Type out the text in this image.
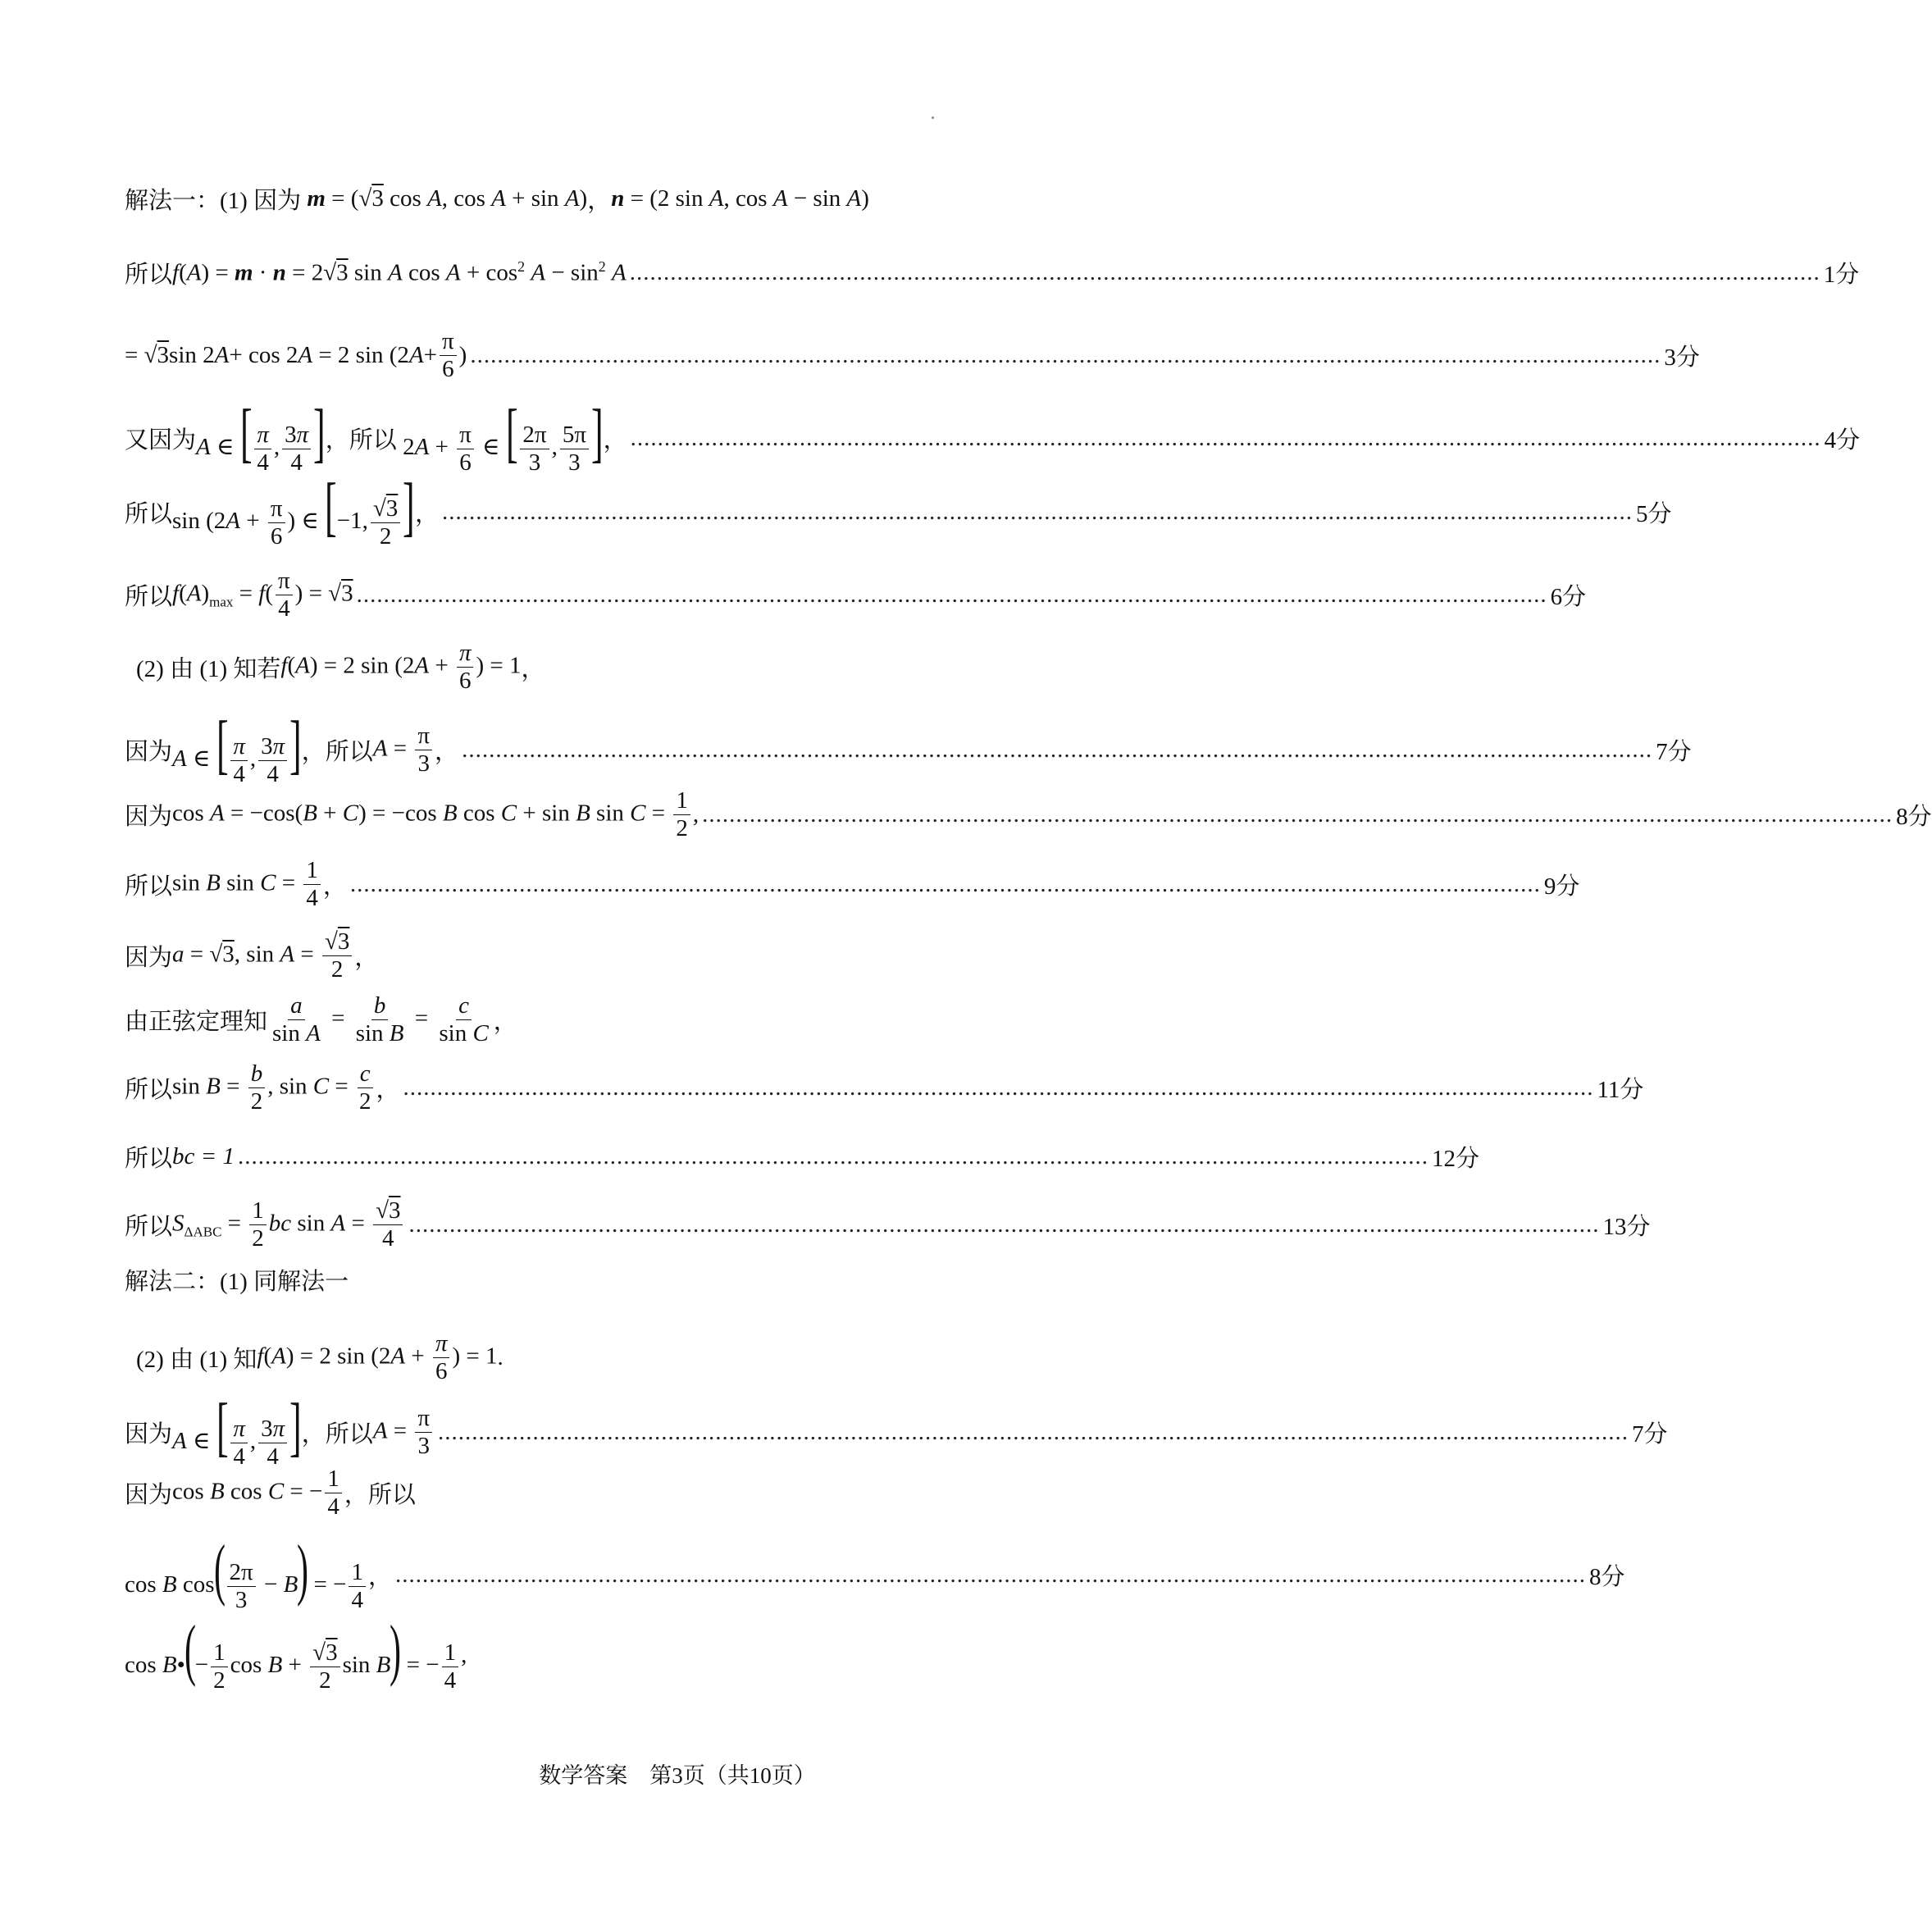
解法一：(1) 因为 m = (√3 cos A, cos A + sin A) ， n = (2 sin A, cos A − sin A)
所以 f(A) = m · n = 2√3 sin A $\cos A + \cos^2 A - \sin^2 A$ ................................................................................................................................................................................ 1分
= √ 3 sin 2 A + cos 2 A = 2 sin (2 $A + \frac{\pi}{6}$ ) ................................................................................................................................................................................ 3分
又因为 A ∈ [ $\frac{\pi}{4}$ , $\frac{3\pi}{4}$ ] ，所以 $2A + \frac{\pi}{6}$ ∈ [ $\frac{2\pi}{3}$ , $\frac{5\pi}{3}$ ] ， ................................................................................................................................................................................ 4分
所以 $\sin (2A + \frac{\pi}{6}$ ) ∈ [−1, $\frac{√3}{2}$ ] ， ................................................................................................................................................................................ 5分
所以 $f(A)_{max} = f( \frac{\pi}{4}$ ) = √3 ................................................................................................................................................................................ 6分
(2) 由 (1) 知若 f(A) = 2 $\sin (2A + \frac{\pi}{6}$ ) = 1 ，
因为 A ∈ [ $\frac{\pi}{4}$ , $\frac{3\pi}{4}$ ] ，所以 $A = \frac{\pi}{3}$ ， ................................................................................................................................................................................ 7分
因为 cos A = −cos(B + C) = −cos B cos C + sin B $\sin C = \frac{1}{2}$ , ................................................................................................................................................................................ 8分
所以 sin B $\sin C = \frac{1}{4}$ ， ................................................................................................................................................................................ 9分
因为 a = √3, $\sin A = \frac{√3}{2}$ ，
由正弦定理知 $\frac{a}{\text{sin A}} = \frac{b}{\text{sin B}} = \frac{c}{\text{sin C}}$ ，
所以 $\sin B = \frac{b}{2}$ , $\sin C = \frac{c}{2}$ ， ................................................................................................................................................................................ 11分
所以 bc = 1 ................................................................................................................................................................................ 12分
所以 $S_{\Delta ABC} = \frac{1}{2}$ bc $\sin A = \frac{√3}{4}$ ................................................................................................................................................................................ 13分
解法二：(1) 同解法一
(2) 由 (1) 知 f(A) = 2 $\sin (2A + \frac{\pi}{6}$ ) = 1 .
因为 A ∈ [ $\frac{\pi}{4}$ , $\frac{3\pi}{4}$ ] ，所以 $A = \frac{\pi}{3}$ ................................................................................................................................................................................ 7分
因为 cos B cos C = − $\frac{1}{4}$ ，所以
cos B $\cos( \frac{2\pi}{3} - B)$ = − $\frac{1}{4}$ ， ................................................................................................................................................................................ 8分
cos B•(− $\frac{1}{2}$ $\cos B + \frac{√3}{2}$ sin B) = − $\frac{1}{4}$ ,
数学答案　第3页（共10页）
